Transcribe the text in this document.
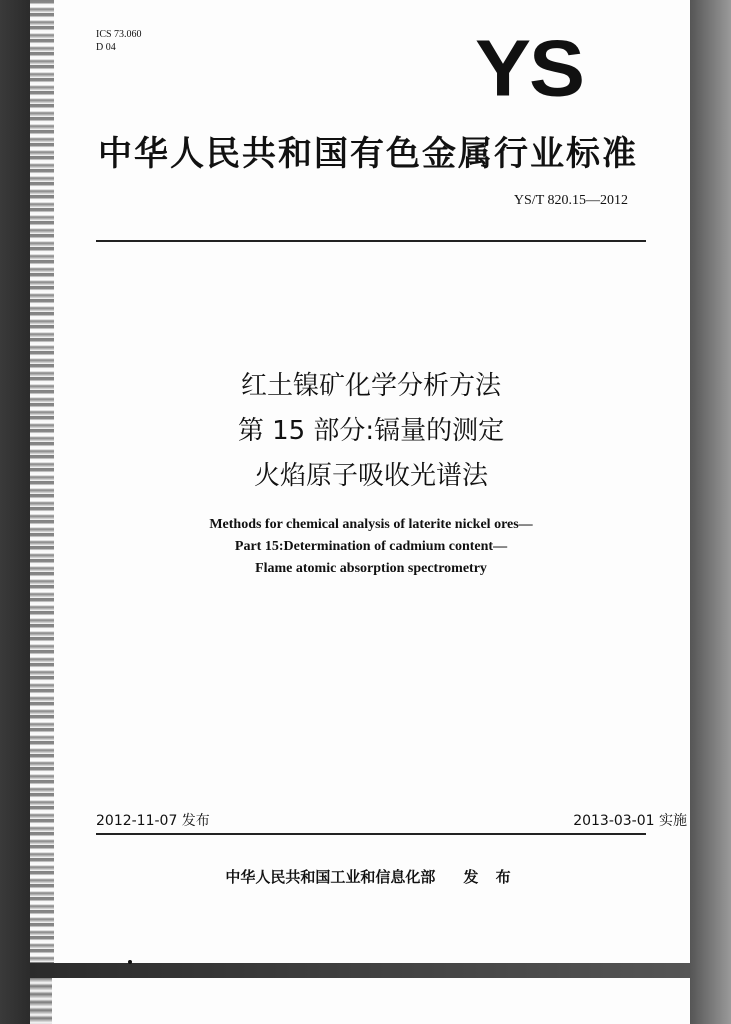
ICS 73.060
D 04	YS
中华人民共和国有色金属行业标准
YS/T 820.15—2012
红土镍矿化学分析方法
第 15 部分:镉量的测定
火焰原子吸收光谱法
Methods for chemical analysis of laterite nickel ores—
Part 15:Determination of cadmium content—
Flame atomic absorption spectrometry
2012-11-07 发布	2013-03-01 实施
中华人民共和国工业和信息化部 发 布
